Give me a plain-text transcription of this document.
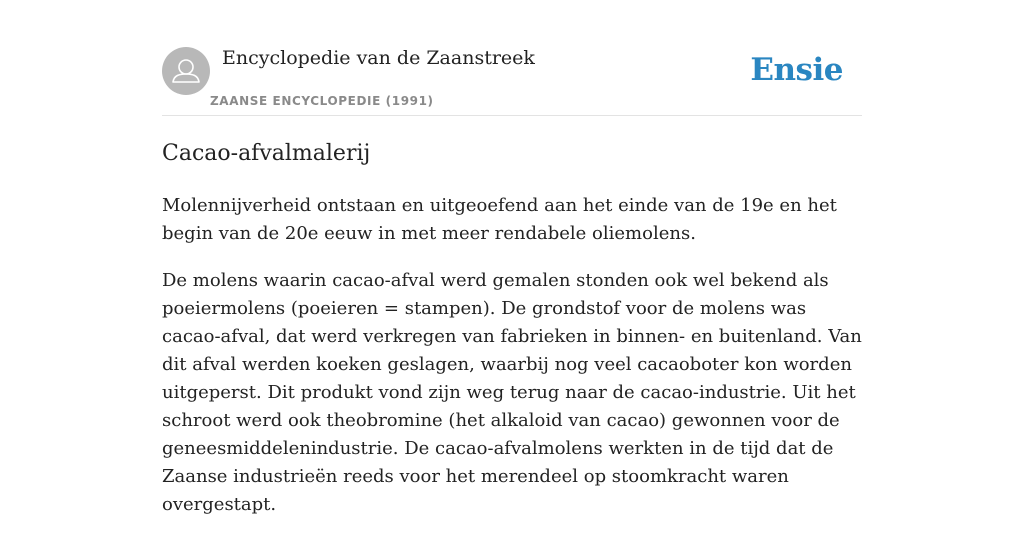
Encyclopedie van de Zaanstreek
ZAANSE ENCYCLOPEDIE (1991)
Ensie
Cacao-afvalmalerij

Molennijverheid ontstaan en uitgeoefend aan het einde van de 19e en het begin van de 20e eeuw in met meer rendabele oliemolens.

De molens waarin cacao-afval werd gemalen stonden ook wel bekend als poeiermolens (poeieren = stampen). De grondstof voor de molens was cacao-afval, dat werd verkregen van fabrieken in binnen- en buitenland. Van dit afval werden koeken geslagen, waarbij nog veel cacaoboter kon worden uitgeperst. Dit produkt vond zijn weg terug naar de cacao-industrie. Uit het schroot werd ook theobromine (het alkaloid van cacao) gewonnen voor de geneesmiddelenindustrie. De cacao-afvalmolens werkten in de tijd dat de Zaanse industrieën reeds voor het merendeel op stoomkracht waren overgestapt.
